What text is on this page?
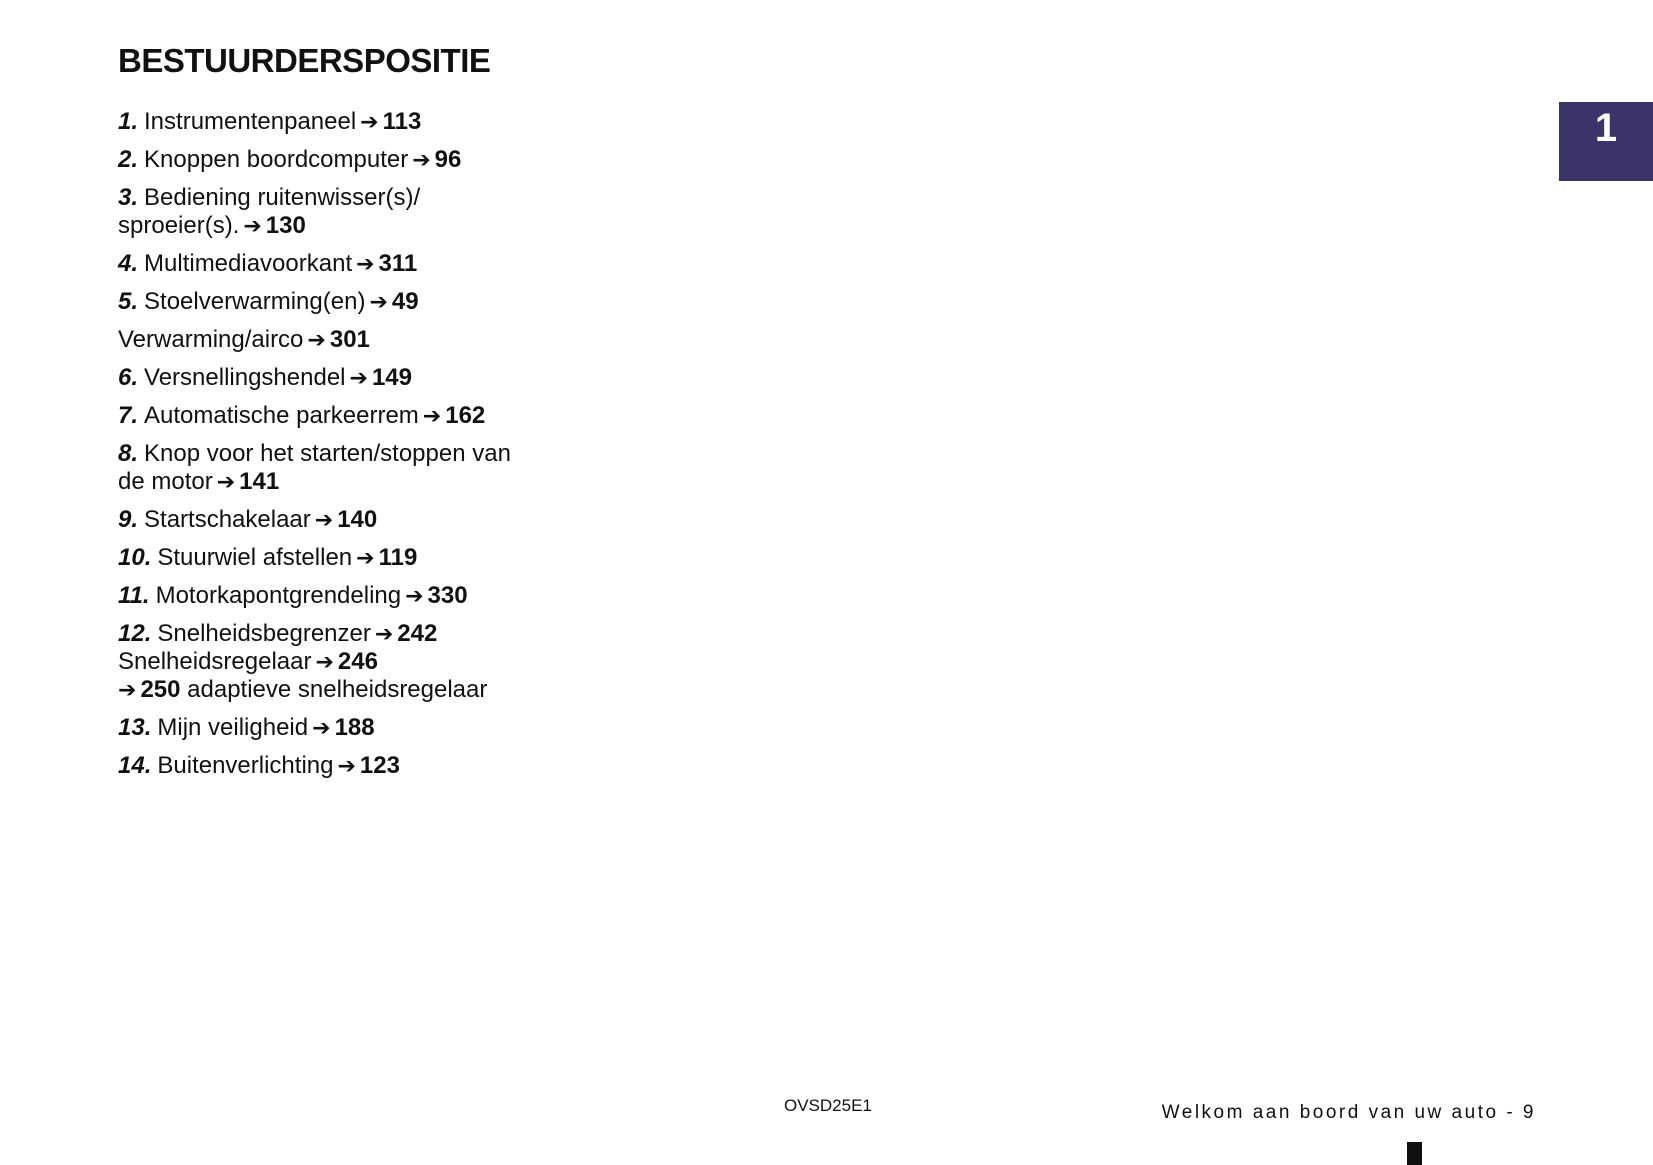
BESTUURDERSPOSITIE
1. Instrumentenpaneel ➔ 113
2. Knoppen boordcomputer ➔ 96
3. Bediening ruitenwisser(s)/
sproeier(s). ➔ 130
4. Multimediavoorkant ➔ 311
5. Stoelverwarming(en) ➔ 49
Verwarming/airco ➔ 301
6. Versnellingshendel ➔ 149
7. Automatische parkeerrem ➔ 162
8. Knop voor het starten/stoppen van
de motor ➔ 141
9. Startschakelaar ➔ 140
10. Stuurwiel afstellen ➔ 119
11. Motorkapontgrendeling ➔ 330
12. Snelheidsbegrenzer ➔ 242
Snelheidsregelaar ➔ 246
➔ 250 adaptieve snelheidsregelaar
13. Mijn veiligheid ➔ 188
14. Buitenverlichting ➔ 123
1
OVSD25E1	Welkom aan boord van uw auto - 9
